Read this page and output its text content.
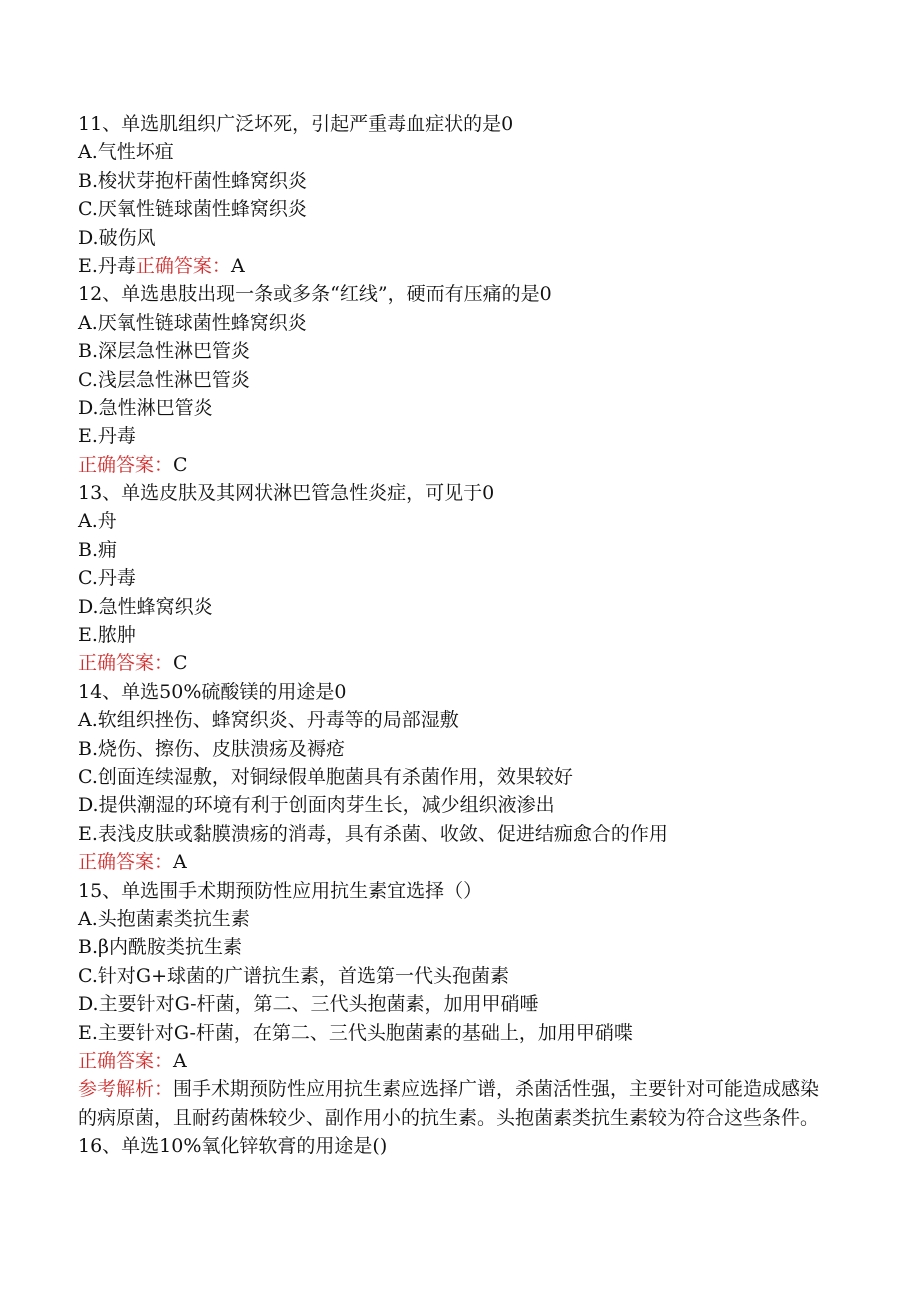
11、单选肌组织广泛坏死，引起严重毒血症状的是0
A.气性坏疽
B.梭状芽抱杆菌性蜂窝织炎
C.厌氧性链球菌性蜂窝织炎
D.破伤风
E.丹毒正确答案：A
12、单选患肢出现一条或多条“红线”，硬而有压痛的是0
A.厌氧性链球菌性蜂窝织炎
B.深层急性淋巴管炎
C.浅层急性淋巴管炎
D.急性淋巴管炎
E.丹毒
正确答案：C
13、单选皮肤及其网状淋巴管急性炎症，可见于0
A.舟
B.痈
C.丹毒
D.急性蜂窝织炎
E.脓肿
正确答案：C
14、单选50%硫酸镁的用途是0
A.软组织挫伤、蜂窝织炎、丹毒等的局部湿敷
B.烧伤、擦伤、皮肤溃疡及褥疮
C.创面连续湿敷，对铜绿假单胞菌具有杀菌作用，效果较好
D.提供潮湿的环境有利于创面肉芽生长，减少组织液渗出
E.表浅皮肤或黏膜溃疡的消毒，具有杀菌、收敛、促进结痂愈合的作用
正确答案：A
15、单选围手术期预防性应用抗生素宜选择（）
A.头抱菌素类抗生素
B.β内酰胺类抗生素
C.针对G+球菌的广谱抗生素，首选第一代头孢菌素
D.主要针对G-杆菌，第二、三代头抱菌素，加用甲硝唾
E.主要针对G-杆菌，在第二、三代头胞菌素的基础上，加用甲硝喋
正确答案：A
参考解析：围手术期预防性应用抗生素应选择广谱，杀菌活性强，主要针对可能造成感染的病原菌，且耐药菌株较少、副作用小的抗生素。头抱菌素类抗生素较为符合这些条件。
16、单选10%氧化锌软膏的用途是()
